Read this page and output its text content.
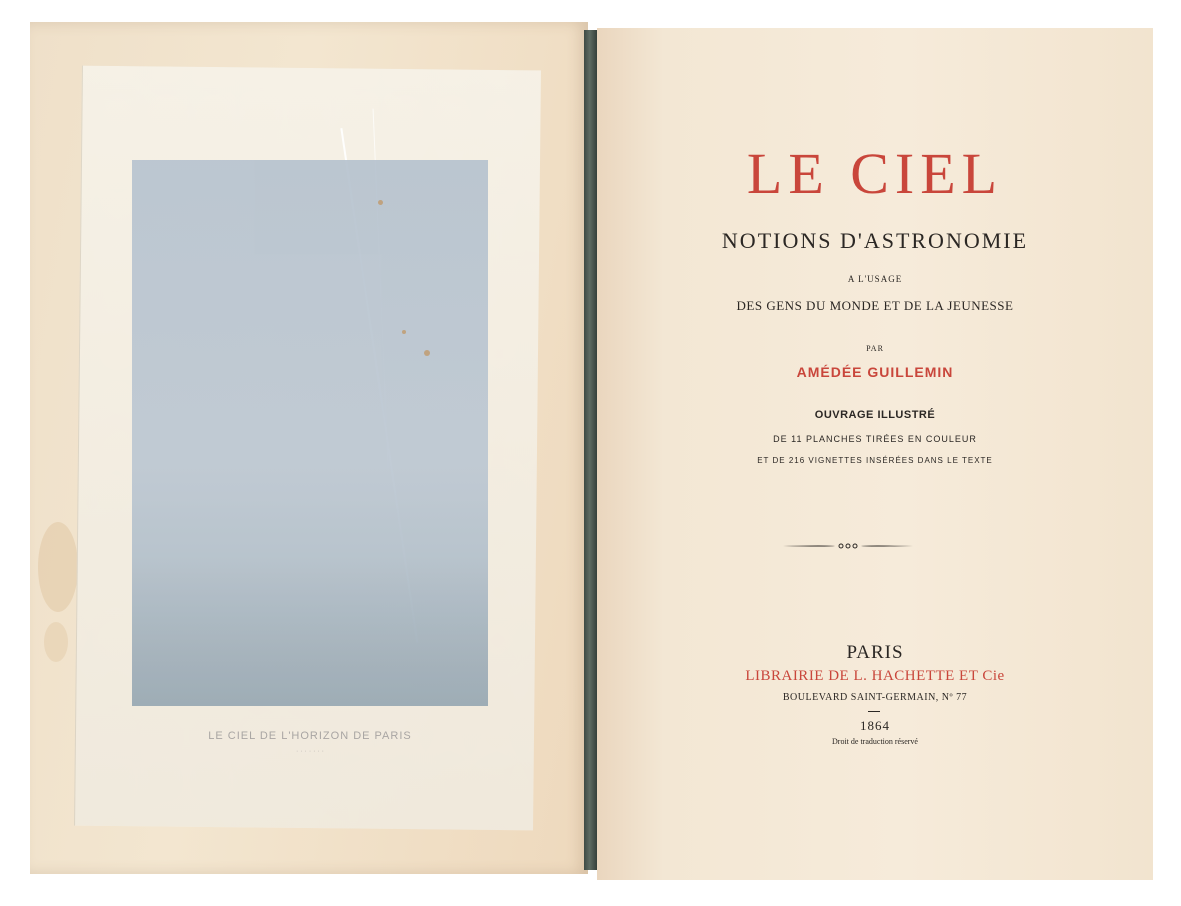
LE CIEL DE L'HORIZON DE PARIS
· · · · · · ·
LE CIEL
NOTIONS D'ASTRONOMIE
A L'USAGE
DES GENS DU MONDE ET DE LA JEUNESSE
PAR
AMÉDÉE GUILLEMIN
OUVRAGE ILLUSTRÉ
DE 11 PLANCHES TIRÉES EN COULEUR
ET DE 216 VIGNETTES INSÉRÉES DANS LE TEXTE
PARIS
LIBRAIRIE DE L. HACHETTE ET Cie
BOULEVARD SAINT-GERMAIN, Nº 77
1864
Droit de traduction réservé
